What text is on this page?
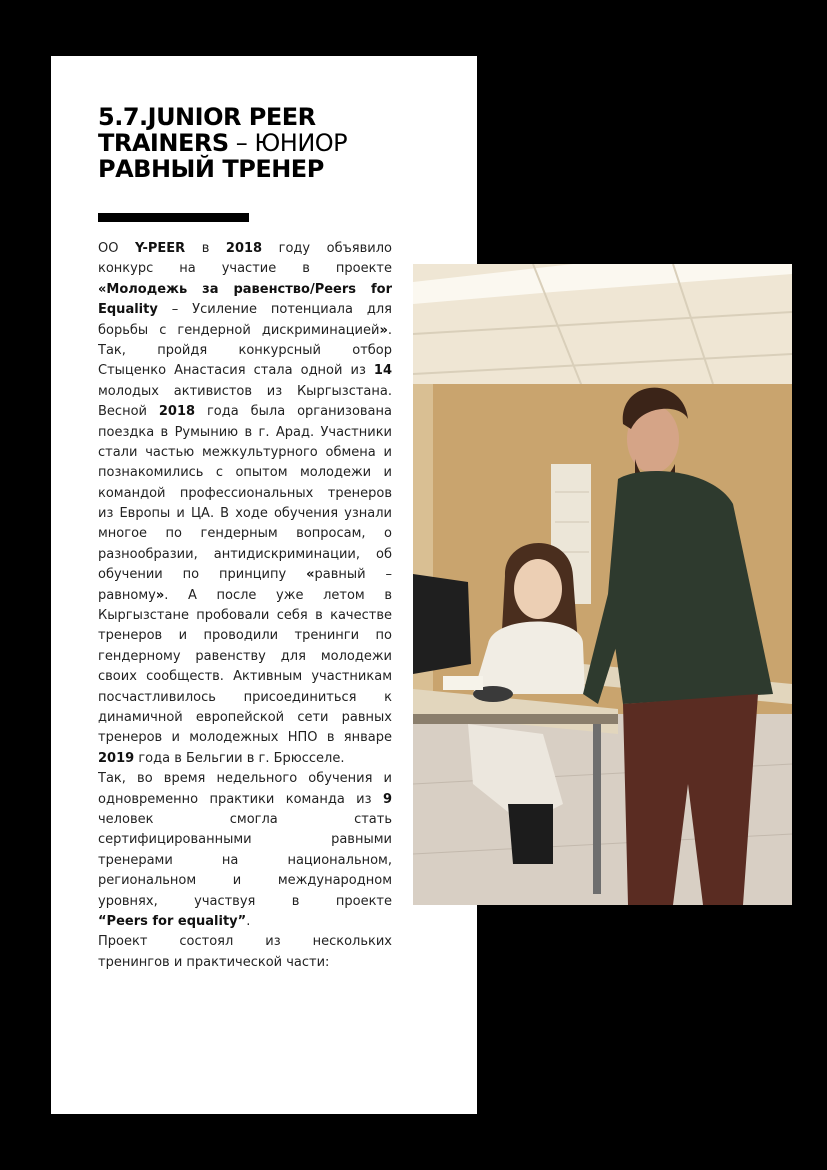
5.7.JUNIOR PEER
TRAINERS – ЮНИОР
РАВНЫЙ ТРЕНЕР
ОО Y-PEER в 2018 году объявило
конкурс на участие в проекте
«Молодежь за равенство/Peers for
Equality – Усиление потенциала для
борьбы с гендерной дискриминацией».
Так, пройдя конкурсный отбор
Стыценко Анастасия стала одной из 14
молодых активистов из Кыргызстана.
Весной 2018 года была организована
поездка в Румынию в г. Арад. Участники
стали частью межкультурного обмена и
познакомились с опытом молодежи и
командой профессиональных тренеров
из Европы и ЦА. В ходе обучения узнали
многое по гендерным вопросам, о
разнообразии, антидискриминации, об
обучении по принципу «равный –
равному». А после уже летом в
Кыргызстане пробовали себя в качестве
тренеров и проводили тренинги по
гендерному равенству для молодежи
своих сообществ. Активным участникам
посчастливилось присоединиться к
динамичной европейской сети равных
тренеров и молодежных НПО в январе
2019 года в Бельгии в г. Брюсселе.
Так, во время недельного обучения и
одновременно практики команда из 9
человек смогла стать
сертифицированными равными
тренерами на национальном,
региональном и международном
уровнях, участвуя в проекте
“Peers for equality”.
Проект состоял из нескольких
тренингов и практической части:
